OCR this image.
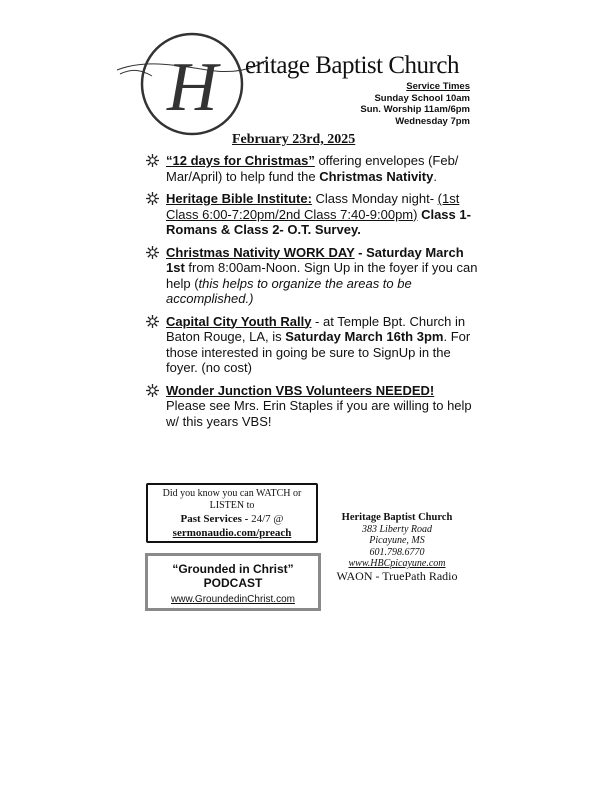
H eritage Baptist Church
Service Times
Sunday School 10am
Sun. Worship 11am/6pm
Wednesday 7pm
February 23rd, 2025
“12 days for Christmas” offering envelopes (Feb/ Mar/April) to help fund the Christmas Nativity.
Heritage Bible Institute: Class Monday night- (1st Class 6:00-7:20pm/2nd Class 7:40-9:00pm) Class 1- Romans & Class 2- O.T. Survey.
Christmas Nativity WORK DAY - Saturday March 1st from 8:00am-Noon. Sign Up in the foyer if you can help (this helps to organize the areas to be accomplished.)
Capital City Youth Rally - at Temple Bpt. Church in Baton Rouge, LA, is Saturday March 16th 3pm. For those interested in going be sure to SignUp in the foyer. (no cost)
Wonder Junction VBS Volunteers NEEDED!
Please see Mrs. Erin Staples if you are willing to help w/ this years VBS!
Did you know you can WATCH or LISTEN to
Past Services - 24/7 @
sermonaudio.com/preach
“Grounded in Christ”
PODCAST
www.GroundedinChrist.com
Heritage Baptist Church
383 Liberty Road
Picayune, MS
601.798.6770
www.HBCpicayune.com
WAON - TruePath Radio
